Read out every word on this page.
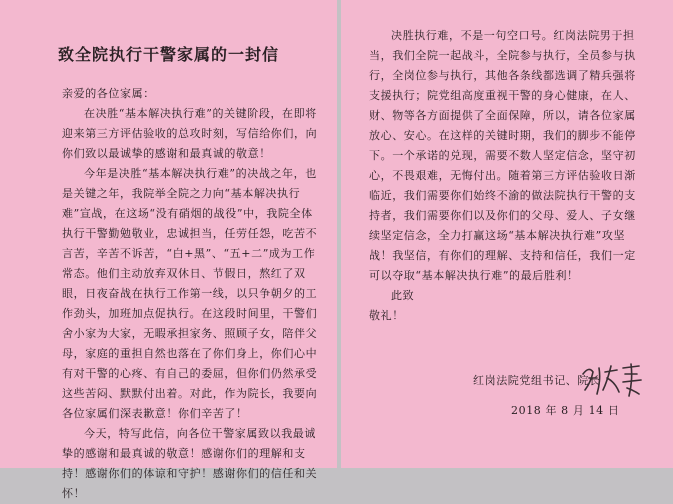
致全院执行干警家属的一封信

亲爱的各位家属：

在决胜“基本解决执行难”的关键阶段，在即将迎来第三方评估验收的总攻时刻，写信给你们，向你们致以最诚挚的感谢和最真诚的敬意！

今年是决胜“基本解决执行难”的决战之年，也是关键之年，我院举全院之力向“基本解决执行难”宣战，在这场“没有硝烟的战役”中，我院全体执行干警勤勉敬业，忠诚担当，任劳任怨，吃苦不言苦，辛苦不诉苦，“白+黑”、“五+二”成为工作常态。他们主动放弃双休日、节假日，熬红了双眼，日夜奋战在执行工作第一线，以只争朝夕的工作劲头，加班加点促执行。在这段时间里，干警们舍小家为大家，无暇承担家务、照顾子女，陪伴父母，家庭的重担自然也落在了你们身上，你们心中有对干警的心疼、有自己的委屈，但你们仍然承受这些苦闷、默默付出着。对此，作为院长，我要向各位家属们深表歉意！你们辛苦了！

今天，特写此信，向各位干警家属致以我最诚挚的感谢和最真诚的敬意！感谢你们的理解和支持！感谢你们的体谅和守护！感谢你们的信任和关怀！

决胜执行难，不是一句空口号。红岗法院男于担当，我们全院一起战斗，全院参与执行，全员参与执行，全岗位参与执行，其他各条线都选调了精兵强将支援执行；院党组高度重视干警的身心健康，在人、财、物等各方面提供了全面保障，所以，请各位家属放心、安心。在这样的关键时期，我们的脚步不能停下。一个承诺的兑现，需要不数人坚定信念，坚守初心，不畏艰难，无悔付出。随着第三方评估验收日渐临近，我们需要你们始终不渝的做法院执行干警的支持者，我们需要你们以及你们的父母、爱人、子女继续坚定信念，全力打赢这场“基本解决执行难”攻坚战！我坚信，有你们的理解、支持和信任，我们一定可以夺取“基本解决执行难”的最后胜利！

此致

敬礼！

红岗法院党组书记、院长
2018 年 8 月 14 日
